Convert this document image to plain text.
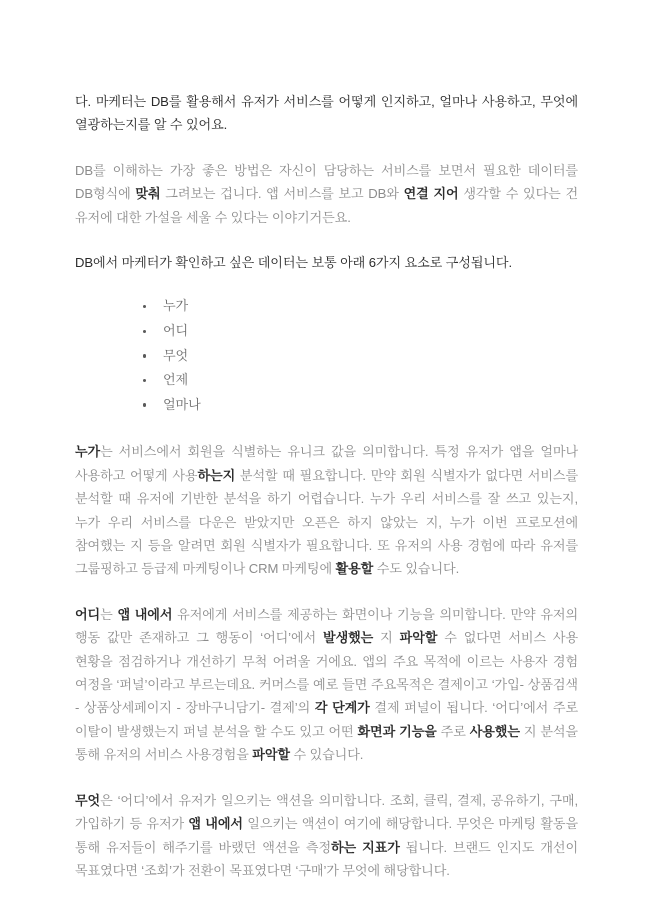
다. 마케터는 DB를 활용해서 유저가 서비스를 어떻게 인지하고, 얼마나 사용하고, 무엇에 열광하는지를 알 수 있어요.

DB를 이해하는 가장 좋은 방법은 자신이 담당하는 서비스를 보면서 필요한 데이터를 DB형식에 맞춰 그려보는 겁니다. 앱 서비스를 보고 DB와 연결 지어 생각할 수 있다는 건 유저에 대한 가설을 세울 수 있다는 이야기거든요.

DB에서 마케터가 확인하고 싶은 데이터는 보통 아래 6가지 요소로 구성됩니다.

누가
어디
무엇
언제
얼마나

누가는 서비스에서 회원을 식별하는 유니크 값을 의미합니다. 특정 유저가 앱을 얼마나 사용하고 어떻게 사용하는지 분석할 때 필요합니다. 만약 회원 식별자가 없다면 서비스를 분석할 때 유저에 기반한 분석을 하기 어렵습니다. 누가 우리 서비스를 잘 쓰고 있는지, 누가 우리 서비스를 다운은 받았지만 오픈은 하지 않았는 지, 누가 이번 프로모션에 참여했는 지 등을 알려면 회원 식별자가 필요합니다. 또 유저의 사용 경험에 따라 유저를 그룹핑하고 등급제 마케팅이나 CRM 마케팅에 활용할 수도 있습니다.

어디는 앱 내에서 유저에게 서비스를 제공하는 화면이나 기능을 의미합니다. 만약 유저의 행동 값만 존재하고 그 행동이 ‘어디’에서 발생했는 지 파악할 수 없다면 서비스 사용 현황을 점검하거나 개선하기 무척 어려울 거에요. 앱의 주요 목적에 이르는 사용자 경험 여정을 ‘퍼널’이라고 부르는데요. 커머스를 예로 들면 주요목적은 결제이고 ‘가입- 상품검색 - 상품상세페이지 - 장바구니담기- 결제’의 각 단계가 결제 퍼널이 됩니다. ‘어디’에서 주로 이탈이 발생했는지 퍼널 분석을 할 수도 있고 어떤 화면과 기능을 주로 사용했는 지 분석을 통해 유저의 서비스 사용경험을 파악할 수 있습니다.

무엇은 ‘어디’에서 유저가 일으키는 액션을 의미합니다. 조회, 클릭, 결제, 공유하기, 구매, 가입하기 등 유저가 앱 내에서 일으키는 액션이 여기에 해당합니다. 무엇은 마케팅 활동을 통해 유저들이 해주기를 바랬던 액션을 측정하는 지표가 됩니다. 브랜드 인지도 개선이 목표였다면 ‘조회’가 전환이 목표였다면 ‘구매’가 무엇에 해당합니다.
